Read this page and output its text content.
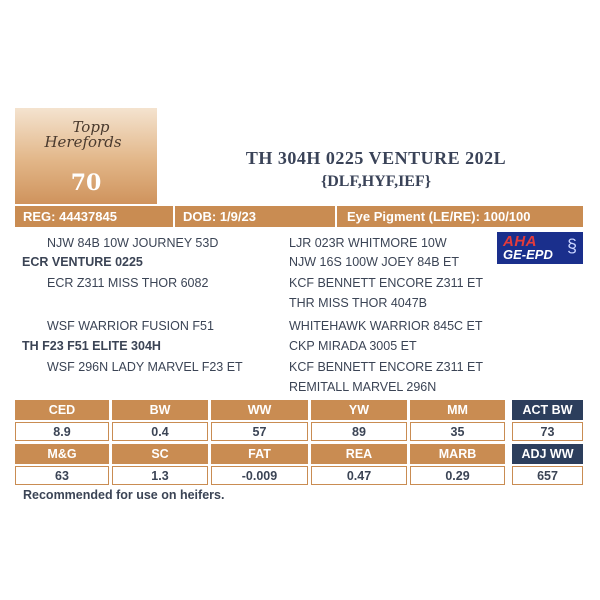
Topp
Herefords
70
TH 304H 0225 VENTURE 202L
{DLF,HYF,IEF}
REG: 44437845	DOB: 1/9/23	Eye Pigment (LE/RE): 100/100
AHA
GE-EPD §
NJW 84B 10W JOURNEY 53D
ECR VENTURE 0225
ECR Z311 MISS THOR 6082
LJR 023R WHITMORE 10W
NJW 16S 100W JOEY 84B ET
KCF BENNETT ENCORE Z311 ET
THR MISS THOR 4047B
WSF WARRIOR FUSION F51
TH F23 F51 ELITE 304H
WSF 296N LADY MARVEL F23 ET
WHITEHAWK WARRIOR 845C ET
CKP MIRADA 3005 ET
KCF BENNETT ENCORE Z311 ET
REMITALL MARVEL 296N
CED	BW	WW	YW	MM
8.9	0.4	57	89	35
M&G	SC	FAT	REA	MARB
63	1.3	-0.009	0.47	0.29
ACT BW
73
ADJ WW
657
Recommended for use on heifers.
